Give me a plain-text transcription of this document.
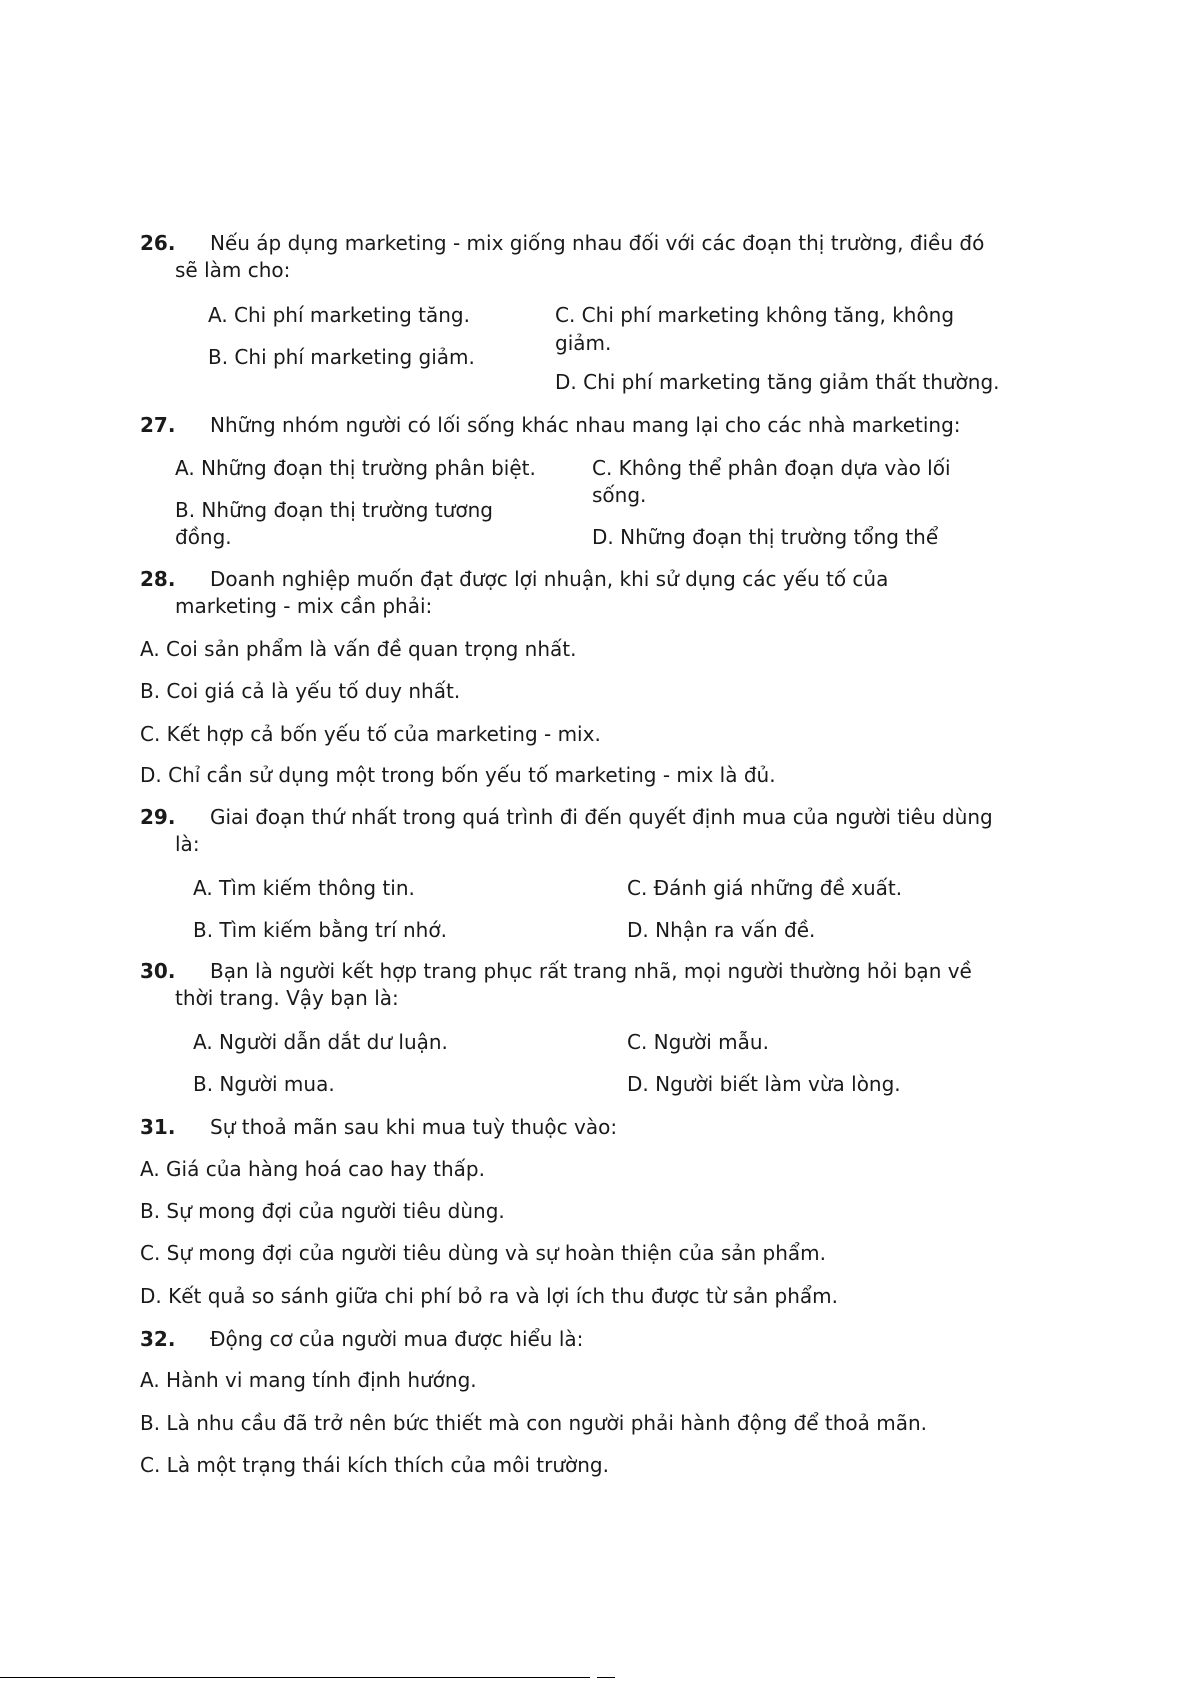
26. Nếu áp dụng marketing - mix giống nhau đối với các đoạn thị trường, điều đó
sẽ làm cho:
A. Chi phí marketing tăng.
B. Chi phí marketing giảm.
C. Chi phí marketing không tăng, không
giảm.
D. Chi phí marketing tăng giảm thất thường.
27. Những nhóm người có lối sống khác nhau mang lại cho các nhà marketing:
A. Những đoạn thị trường phân biệt.
B. Những đoạn thị trường tương
đồng.
C. Không thể phân đoạn dựa vào lối
sống.
D. Những đoạn thị trường tổng thể
28. Doanh nghiệp muốn đạt được lợi nhuận, khi sử dụng các yếu tố của
marketing - mix cần phải:
A. Coi sản phẩm là vấn đề quan trọng nhất.
B. Coi giá cả là yếu tố duy nhất.
C. Kết hợp cả bốn yếu tố của marketing - mix.
D. Chỉ cần sử dụng một trong bốn yếu tố marketing - mix là đủ.
29. Giai đoạn thứ nhất trong quá trình đi đến quyết định mua của người tiêu dùng
là:
A. Tìm kiếm thông tin.
B. Tìm kiếm bằng trí nhớ.
C. Đánh giá những đề xuất.
D. Nhận ra vấn đề.
30. Bạn là người kết hợp trang phục rất trang nhã, mọi người thường hỏi bạn về
thời trang. Vậy bạn là:
A. Người dẫn dắt dư luận.
B. Người mua.
C. Người mẫu.
D. Người biết làm vừa lòng.
31. Sự thoả mãn sau khi mua tuỳ thuộc vào:
A. Giá của hàng hoá cao hay thấp.
B. Sự mong đợi của người tiêu dùng.
C. Sự mong đợi của người tiêu dùng và sự hoàn thiện của sản phẩm.
D. Kết quả so sánh giữa chi phí bỏ ra và lợi ích thu được từ sản phẩm.
32. Động cơ của người mua được hiểu là:
A. Hành vi mang tính định hướng.
B. Là nhu cầu đã trở nên bức thiết mà con người phải hành động để thoả mãn.
C. Là một trạng thái kích thích của môi trường.
